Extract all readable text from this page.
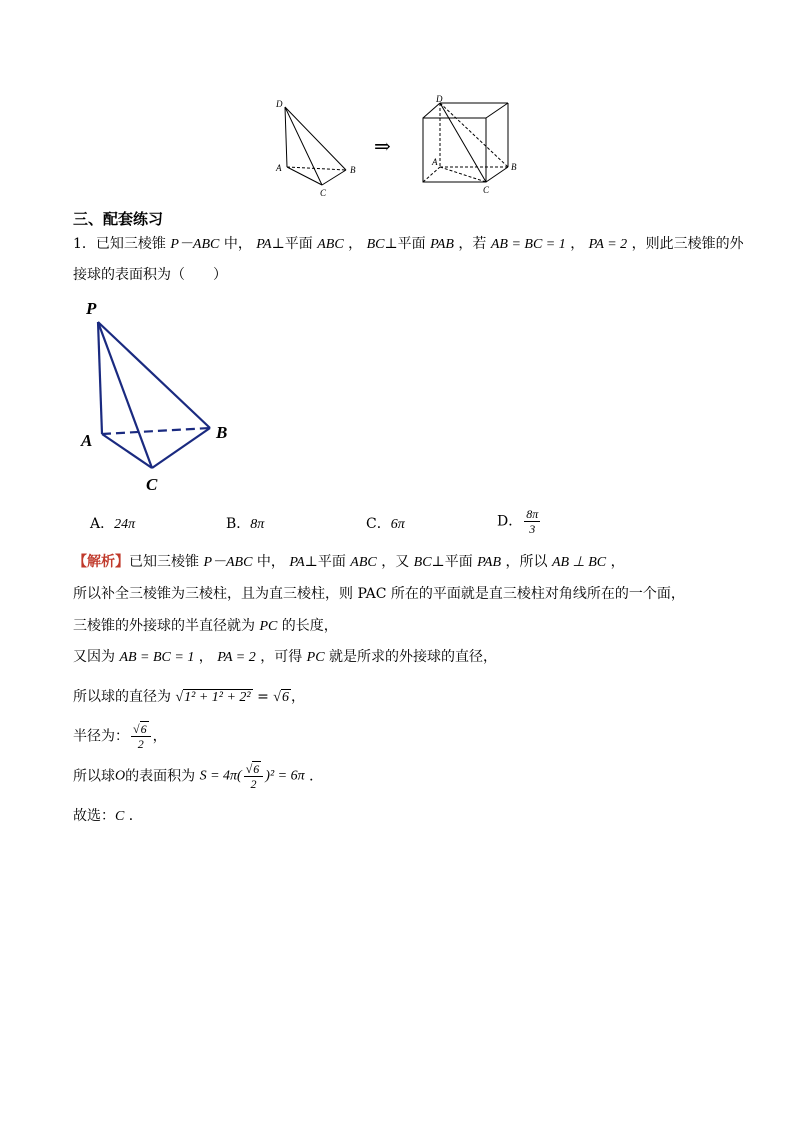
D
A	B
C
⇒
D
A	B
C
三、配套练习
1．已知三棱锥 P－ABC 中， PA⊥平面 ABC ， BC⊥平面 PAB ，若 AB = BC = 1 ， PA = 2 ，则此三棱锥的外
接球的表面积为（　　）
P
A	B
C
A．24π	B．8π	C．6π	D． $\frac{8\pi}{3}$
【解析】已知三棱锥 P－ABC 中， PA⊥平面 ABC ，又 BC⊥平面 PAB ，所以 AB ⊥ BC ，
所以补全三棱锥为三棱柱，且为直三棱柱，则 PAC 所在的平面就是直三棱柱对角线所在的一个面，
三棱锥的外接球的半直径就为 PC 的长度，
又因为 AB = BC = 1 ， PA = 2 ，可得 PC 就是所求的外接球的直径，
所以球的直径为 √1² + 1² + 2² = √6 ，
半径为： $\frac{√6}{2}$ ，
所以球O的表面积为 $S = 4\pi( \frac{√6}{2} )^2 = 6\pi$ ．
故选：C ．
